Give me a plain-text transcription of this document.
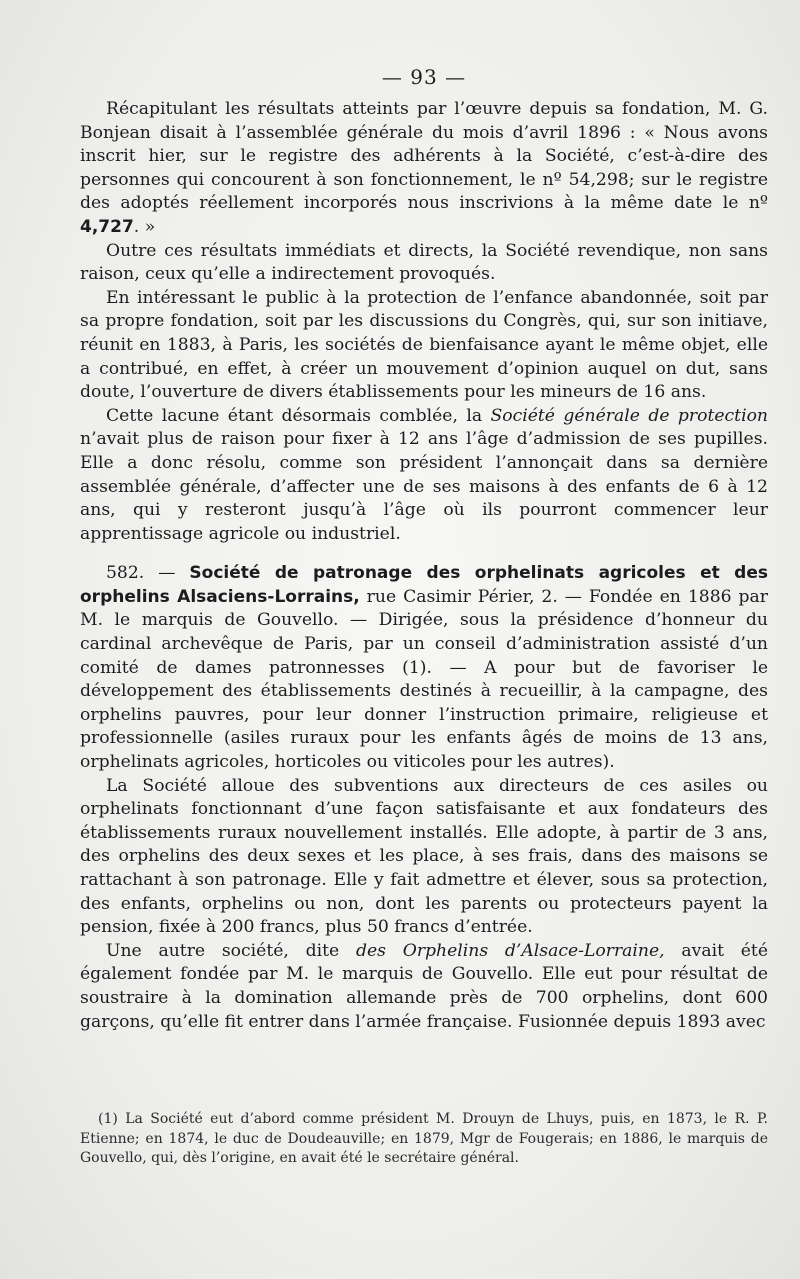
— 93 —

Récapitulant les résultats atteints par l’œuvre depuis sa fondation, M. G. Bonjean disait à l’assemblée générale du mois d’avril 1896 : « Nous avons inscrit hier, sur le registre des adhérents à la Société, c’est-à-dire des personnes qui concourent à son fonctionnement, le nº 54,298; sur le registre des adoptés réellement incorporés nous inscrivions à la même date le nº 4,727. »

Outre ces résultats immédiats et directs, la Société revendique, non sans raison, ceux qu’elle a indirectement provoqués.

En intéressant le public à la protection de l’enfance abandonnée, soit par sa propre fondation, soit par les discussions du Congrès, qui, sur son initiave, réunit en 1883, à Paris, les sociétés de bienfaisance ayant le même objet, elle a contribué, en effet, à créer un mouvement d’opinion auquel on dut, sans doute, l’ouverture de divers établissements pour les mineurs de 16 ans.

Cette lacune étant désormais comblée, la Société générale de protection n’avait plus de raison pour fixer à 12 ans l’âge d’admission de ses pupilles. Elle a donc résolu, comme son président l’annonçait dans sa dernière assemblée générale, d’affecter une de ses maisons à des enfants de 6 à 12 ans, qui y resteront jusqu’à l’âge où ils pourront commencer leur apprentissage agricole ou industriel.

582. — Société de patronage des orphelinats agricoles et des orphelins Alsaciens-Lorrains, rue Casimir Périer, 2. — Fondée en 1886 par M. le marquis de Gouvello. — Dirigée, sous la présidence d’honneur du cardinal archevêque de Paris, par un conseil d’administration assisté d’un comité de dames patronnesses (1). — A pour but de favoriser le développement des établissements destinés à recueillir, à la campagne, des orphelins pauvres, pour leur donner l’instruction primaire, religieuse et professionnelle (asiles ruraux pour les enfants âgés de moins de 13 ans, orphelinats agricoles, horticoles ou viticoles pour les autres).

La Société alloue des subventions aux directeurs de ces asiles ou orphelinats fonctionnant d’une façon satisfaisante et aux fondateurs des établissements ruraux nouvellement installés. Elle adopte, à partir de 3 ans, des orphelins des deux sexes et les place, à ses frais, dans des maisons se rattachant à son patronage. Elle y fait admettre et élever, sous sa protection, des enfants, orphelins ou non, dont les parents ou protecteurs payent la pension, fixée à 200 francs, plus 50 francs d’entrée.

Une autre société, dite des Orphelins d’Alsace-Lorraine, avait été également fondée par M. le marquis de Gouvello. Elle eut pour résultat de soustraire à la domination allemande près de 700 orphelins, dont 600 garçons, qu’elle fit entrer dans l’armée française. Fusionnée depuis 1893 avec

(1) La Société eut d’abord comme président M. Drouyn de Lhuys, puis, en 1873, le R. P. Etienne; en 1874, le duc de Doudeauville; en 1879, Mgr de Fougerais; en 1886, le marquis de Gouvello, qui, dès l’origine, en avait été le secrétaire général.
